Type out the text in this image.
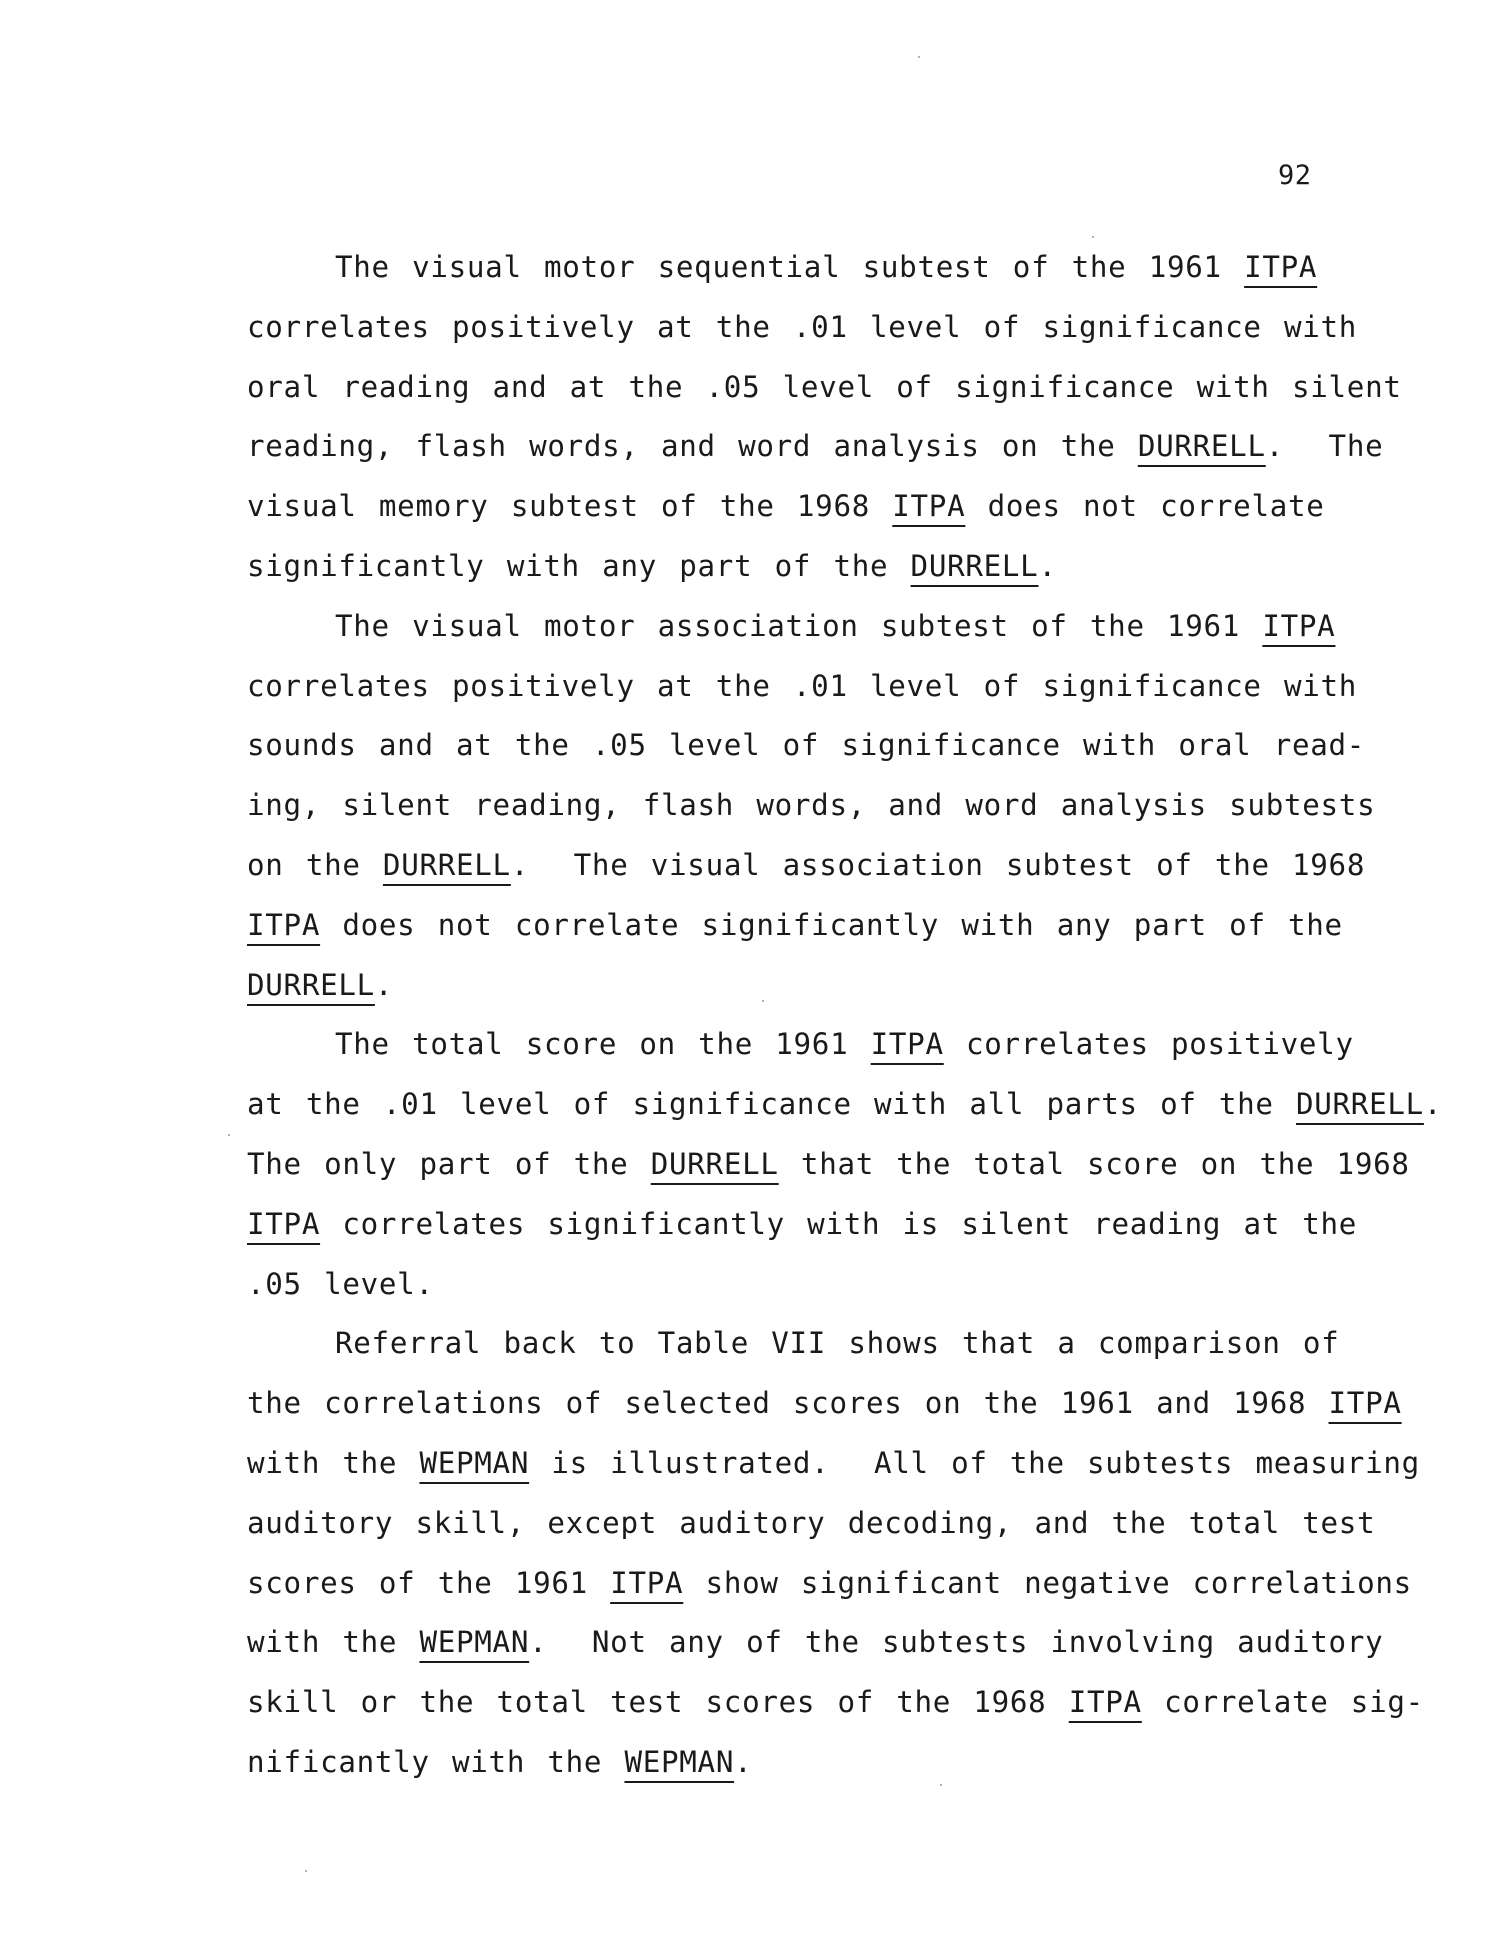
92
The visual motor sequential subtest of the 1961 ITPA
correlates positively at the .01 level of significance with
oral reading and at the .05 level of significance with silent
reading, flash words, and word analysis on the DURRELL.  The
visual memory subtest of the 1968 ITPA does not correlate
significantly with any part of the DURRELL.
The visual motor association subtest of the 1961 ITPA
correlates positively at the .01 level of significance with
sounds and at the .05 level of significance with oral read-
ing, silent reading, flash words, and word analysis subtests
on the DURRELL.  The visual association subtest of the 1968
ITPA does not correlate significantly with any part of the
DURRELL.
The total score on the 1961 ITPA correlates positively
at the .01 level of significance with all parts of the DURRELL.
The only part of the DURRELL that the total score on the 1968
ITPA correlates significantly with is silent reading at the
.05 level.
Referral back to Table VII shows that a comparison of
the correlations of selected scores on the 1961 and 1968 ITPA
with the WEPMAN is illustrated.  All of the subtests measuring
auditory skill, except auditory decoding, and the total test
scores of the 1961 ITPA show significant negative correlations
with the WEPMAN.  Not any of the subtests involving auditory
skill or the total test scores of the 1968 ITPA correlate sig-
nificantly with the WEPMAN.
